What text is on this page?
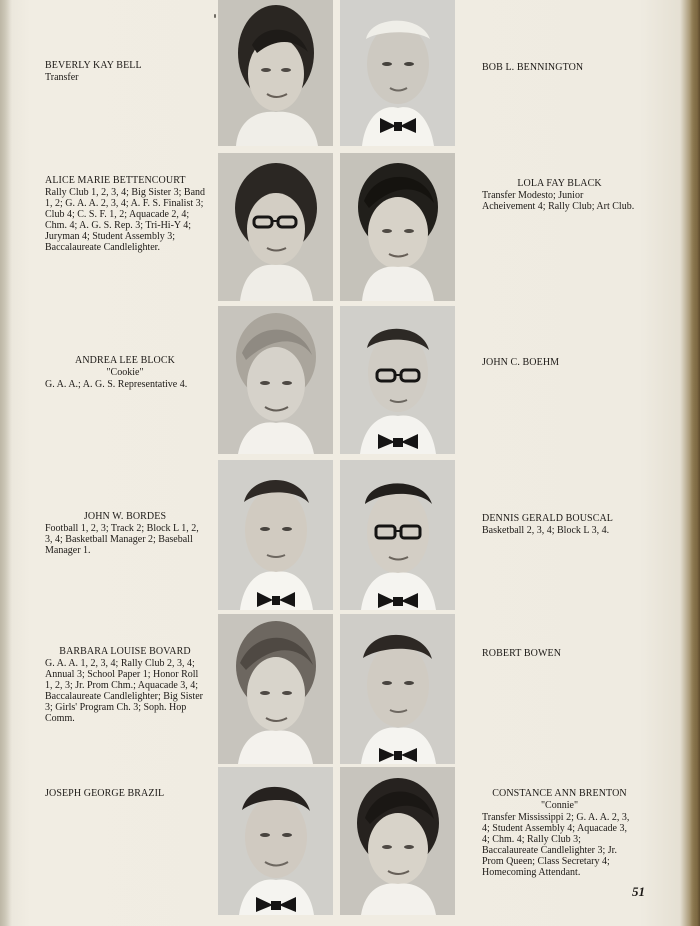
BEVERLY KAY BELL
Transfer
BOB L. BENNINGTON
ALICE MARIE BETTENCOURT
Rally Club 1, 2, 3, 4; Big Sister 3; Band 1, 2; G. A. A. 2, 3, 4; A. F. S. Finalist 3; Club 4; C. S. F. 1, 2; Aquacade 2, 4; Chm. 4; A. G. S. Rep. 3; Tri-Hi-Y 4; Juryman 4; Student Assembly 3; Baccalaureate Candlelighter.
LOLA FAY BLACK
Transfer Modesto; Junior Acheivement 4; Rally Club; Art Club.
ANDREA LEE BLOCK
"Cookie"
G. A. A.; A. G. S. Representative 4.
JOHN C. BOEHM
JOHN W. BORDES
Football 1, 2, 3; Track 2; Block L 1, 2, 3, 4; Basketball Manager 2; Baseball Manager 1.
DENNIS GERALD BOUSCAL
Basketball 2, 3, 4; Block L 3, 4.
BARBARA LOUISE BOVARD
G. A. A. 1, 2, 3, 4; Rally Club 2, 3, 4; Annual 3; School Paper 1; Honor Roll 1, 2, 3; Jr. Prom Chm.; Aquacade 3, 4; Baccalaureate Candlelighter; Big Sister 3; Girls' Program Ch. 3; Soph. Hop Comm.
ROBERT BOWEN
JOSEPH GEORGE BRAZIL	CONSTANCE ANN BRENTON
"Connie"
Transfer Mississippi 2; G. A. A. 2, 3, 4; Student Assembly 4; Aquacade 3, 4; Chm. 4; Rally Club 3; Baccalaureate Candlelighter 3; Jr. Prom Queen; Class Secretary 4; Homecoming Attendant.
51
